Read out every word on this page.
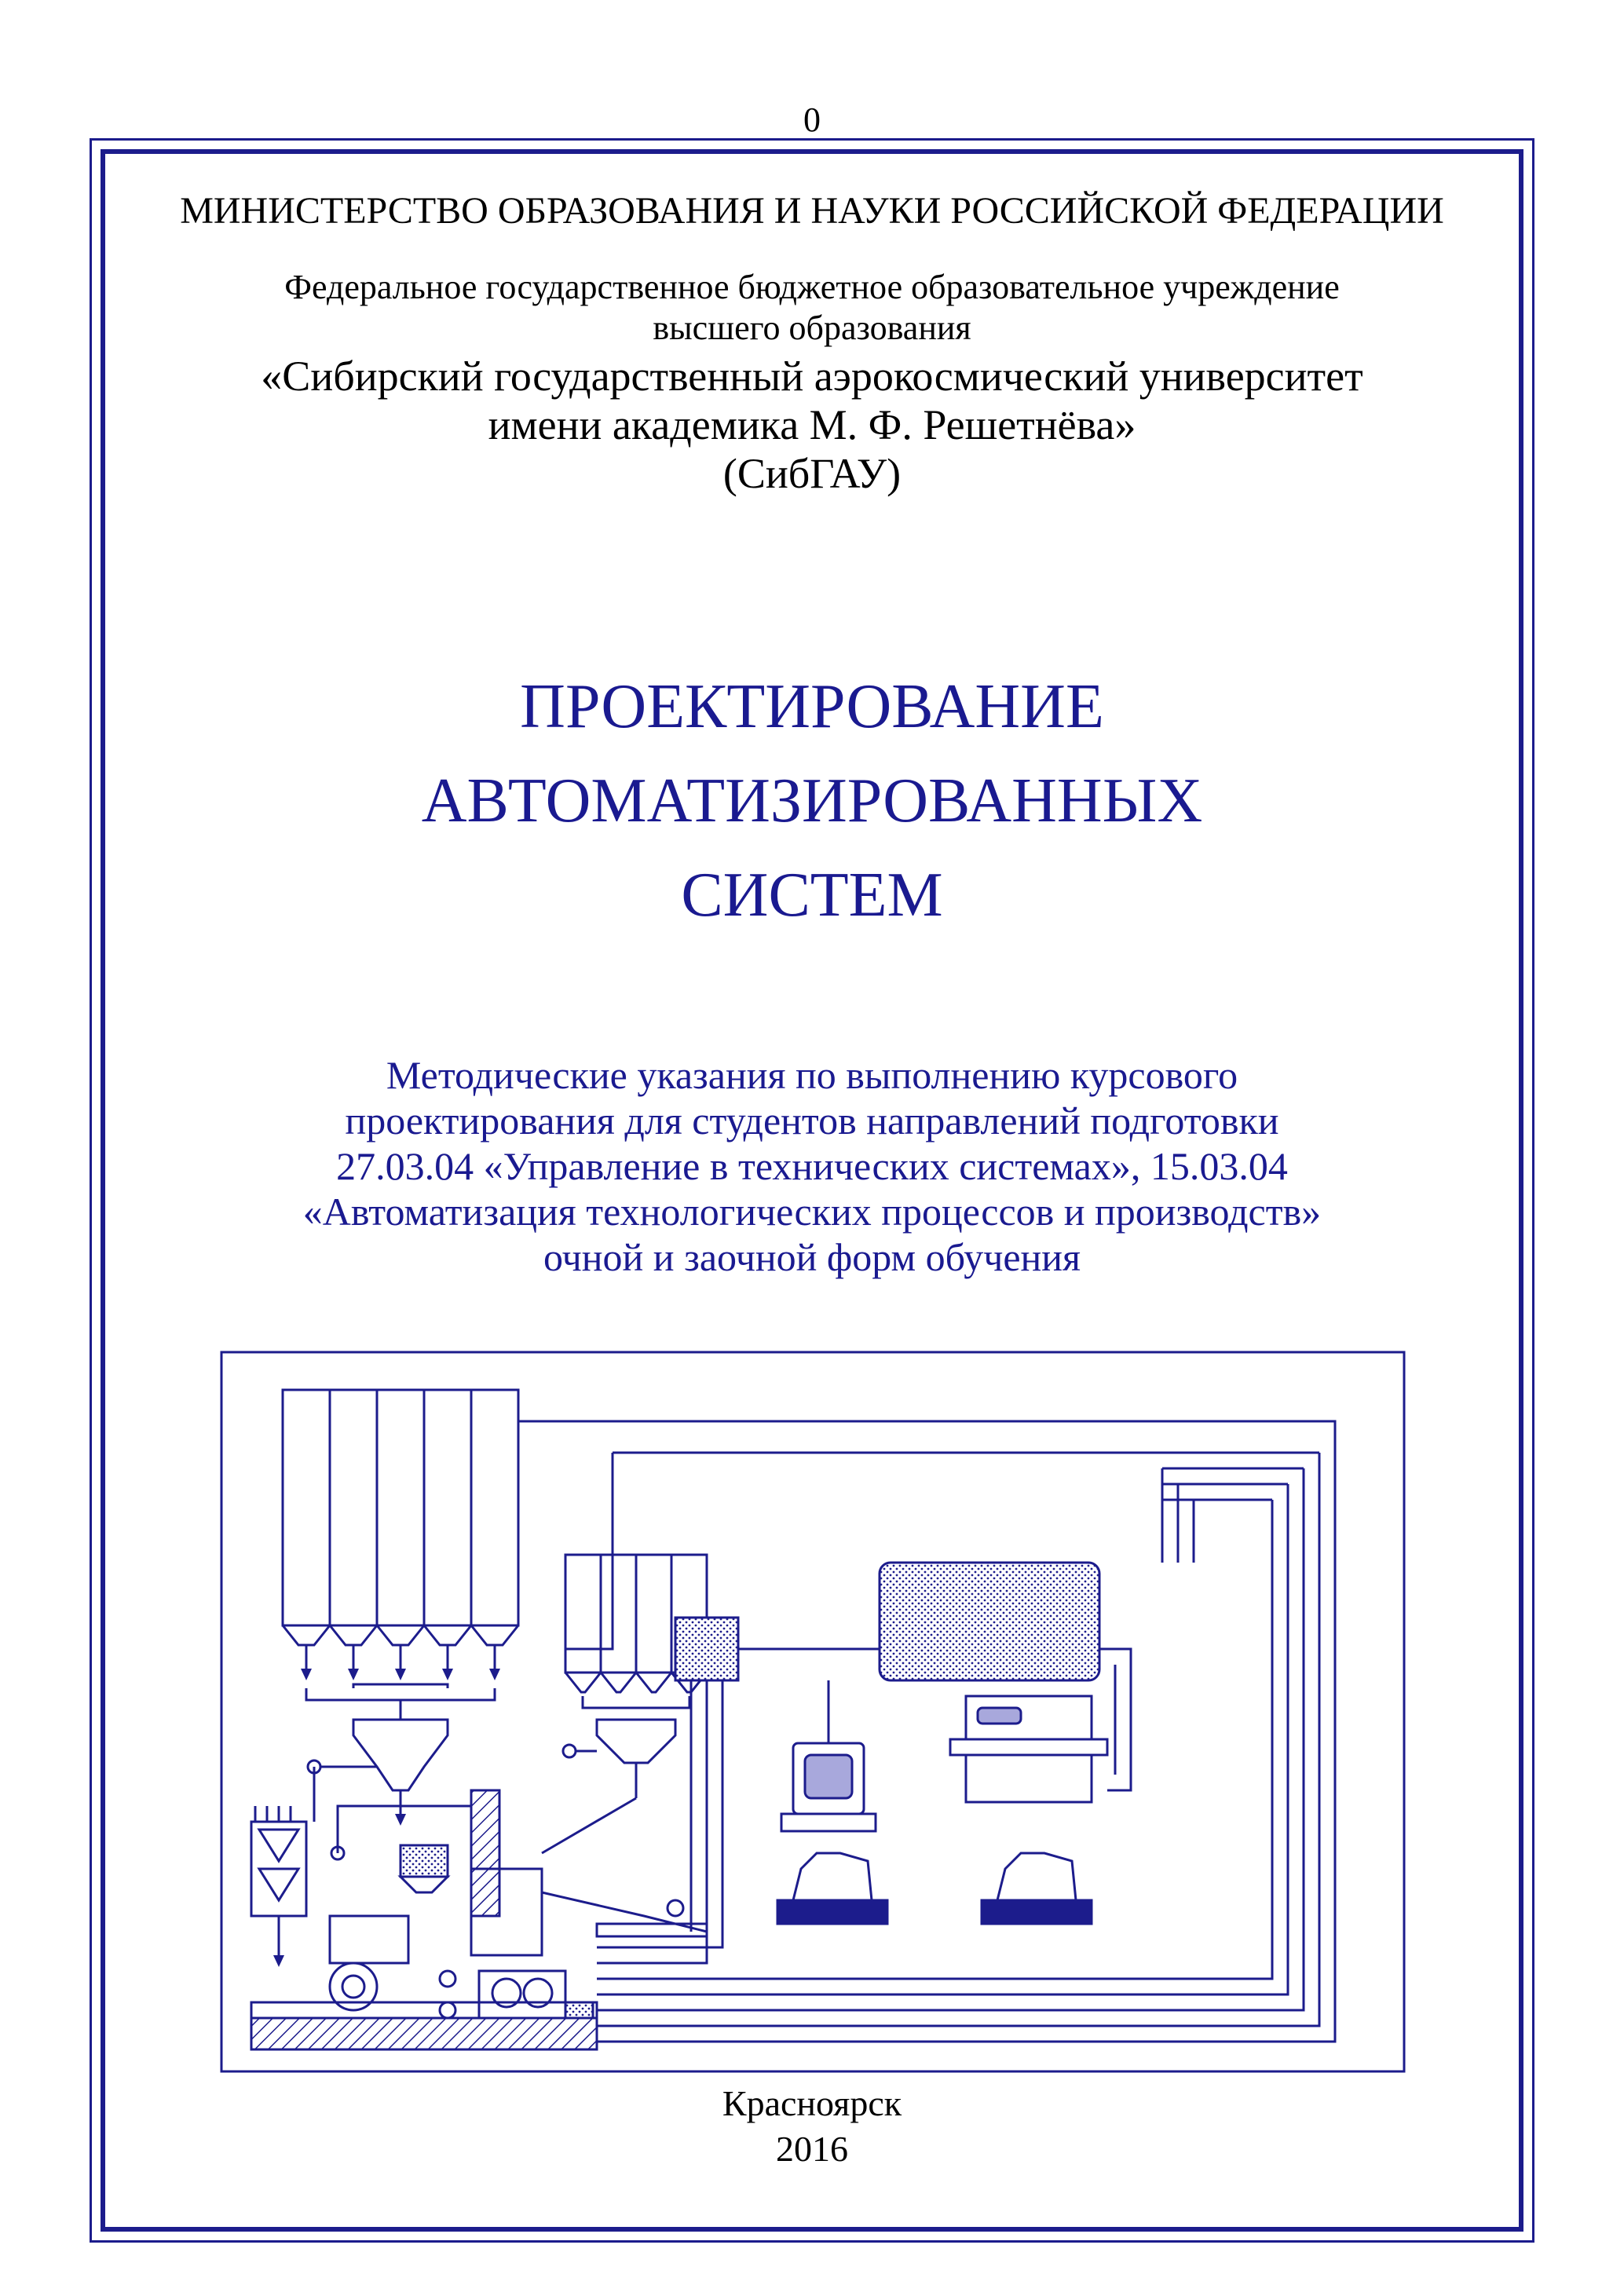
0
МИНИСТЕРСТВО ОБРАЗОВАНИЯ И НАУКИ РОССИЙСКОЙ ФЕДЕРАЦИИ
Федеральное государственное бюджетное образовательное учреждение
высшего образования
«Сибирский государственный аэрокосмический университет
имени академика М. Ф. Решетнёва»
(СибГАУ)
ПРОЕКТИРОВАНИЕ
АВТОМАТИЗИРОВАННЫХ
СИСТЕМ
Методические указания по выполнению курсового
проектирования для студентов направлений подготовки
27.03.04 «Управление в технических системах», 15.03.04
«Автоматизация технологических процессов и производств»
очной и заочной форм обучения
Красноярск
2016
